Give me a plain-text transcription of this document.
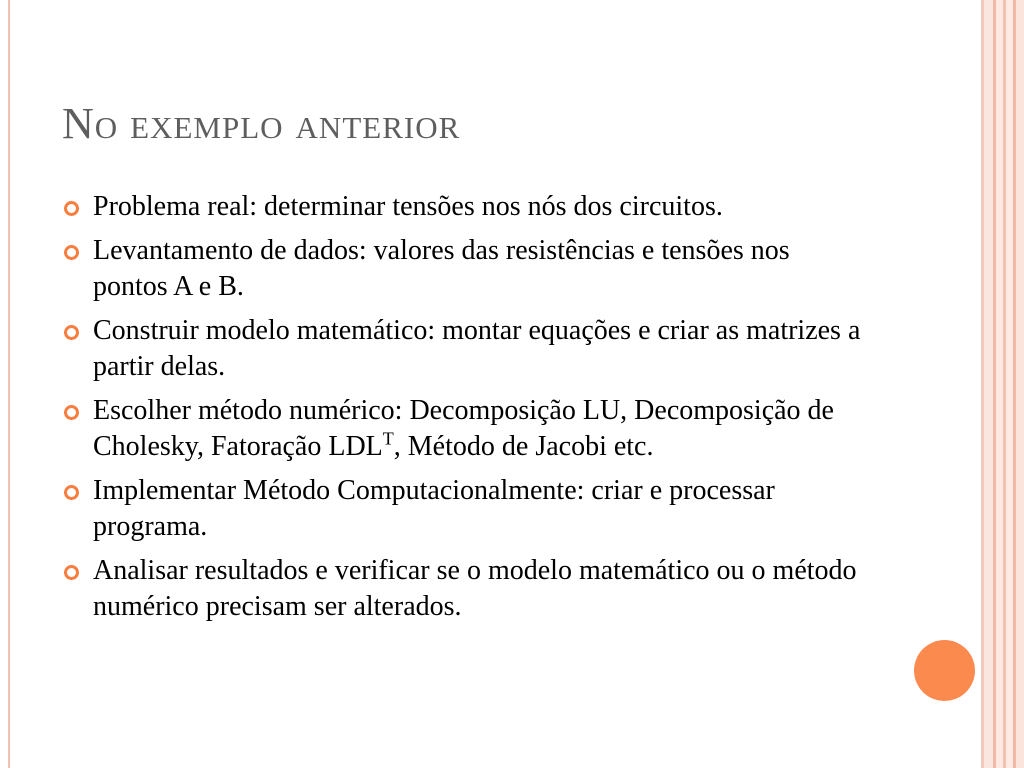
No exemplo anterior
Problema real: determinar tensões nos nós dos circuitos.
Levantamento de dados: valores das resistências e tensões nos pontos A e B.
Construir modelo matemático: montar equações e criar as matrizes a partir delas.
Escolher método numérico: Decomposição LU, Decomposição de Cholesky, Fatoração $LDL^T$, Método de Jacobi etc.
Implementar Método Computacionalmente: criar e processar programa.
Analisar resultados e verificar se o modelo matemático ou o método numérico precisam ser alterados.
